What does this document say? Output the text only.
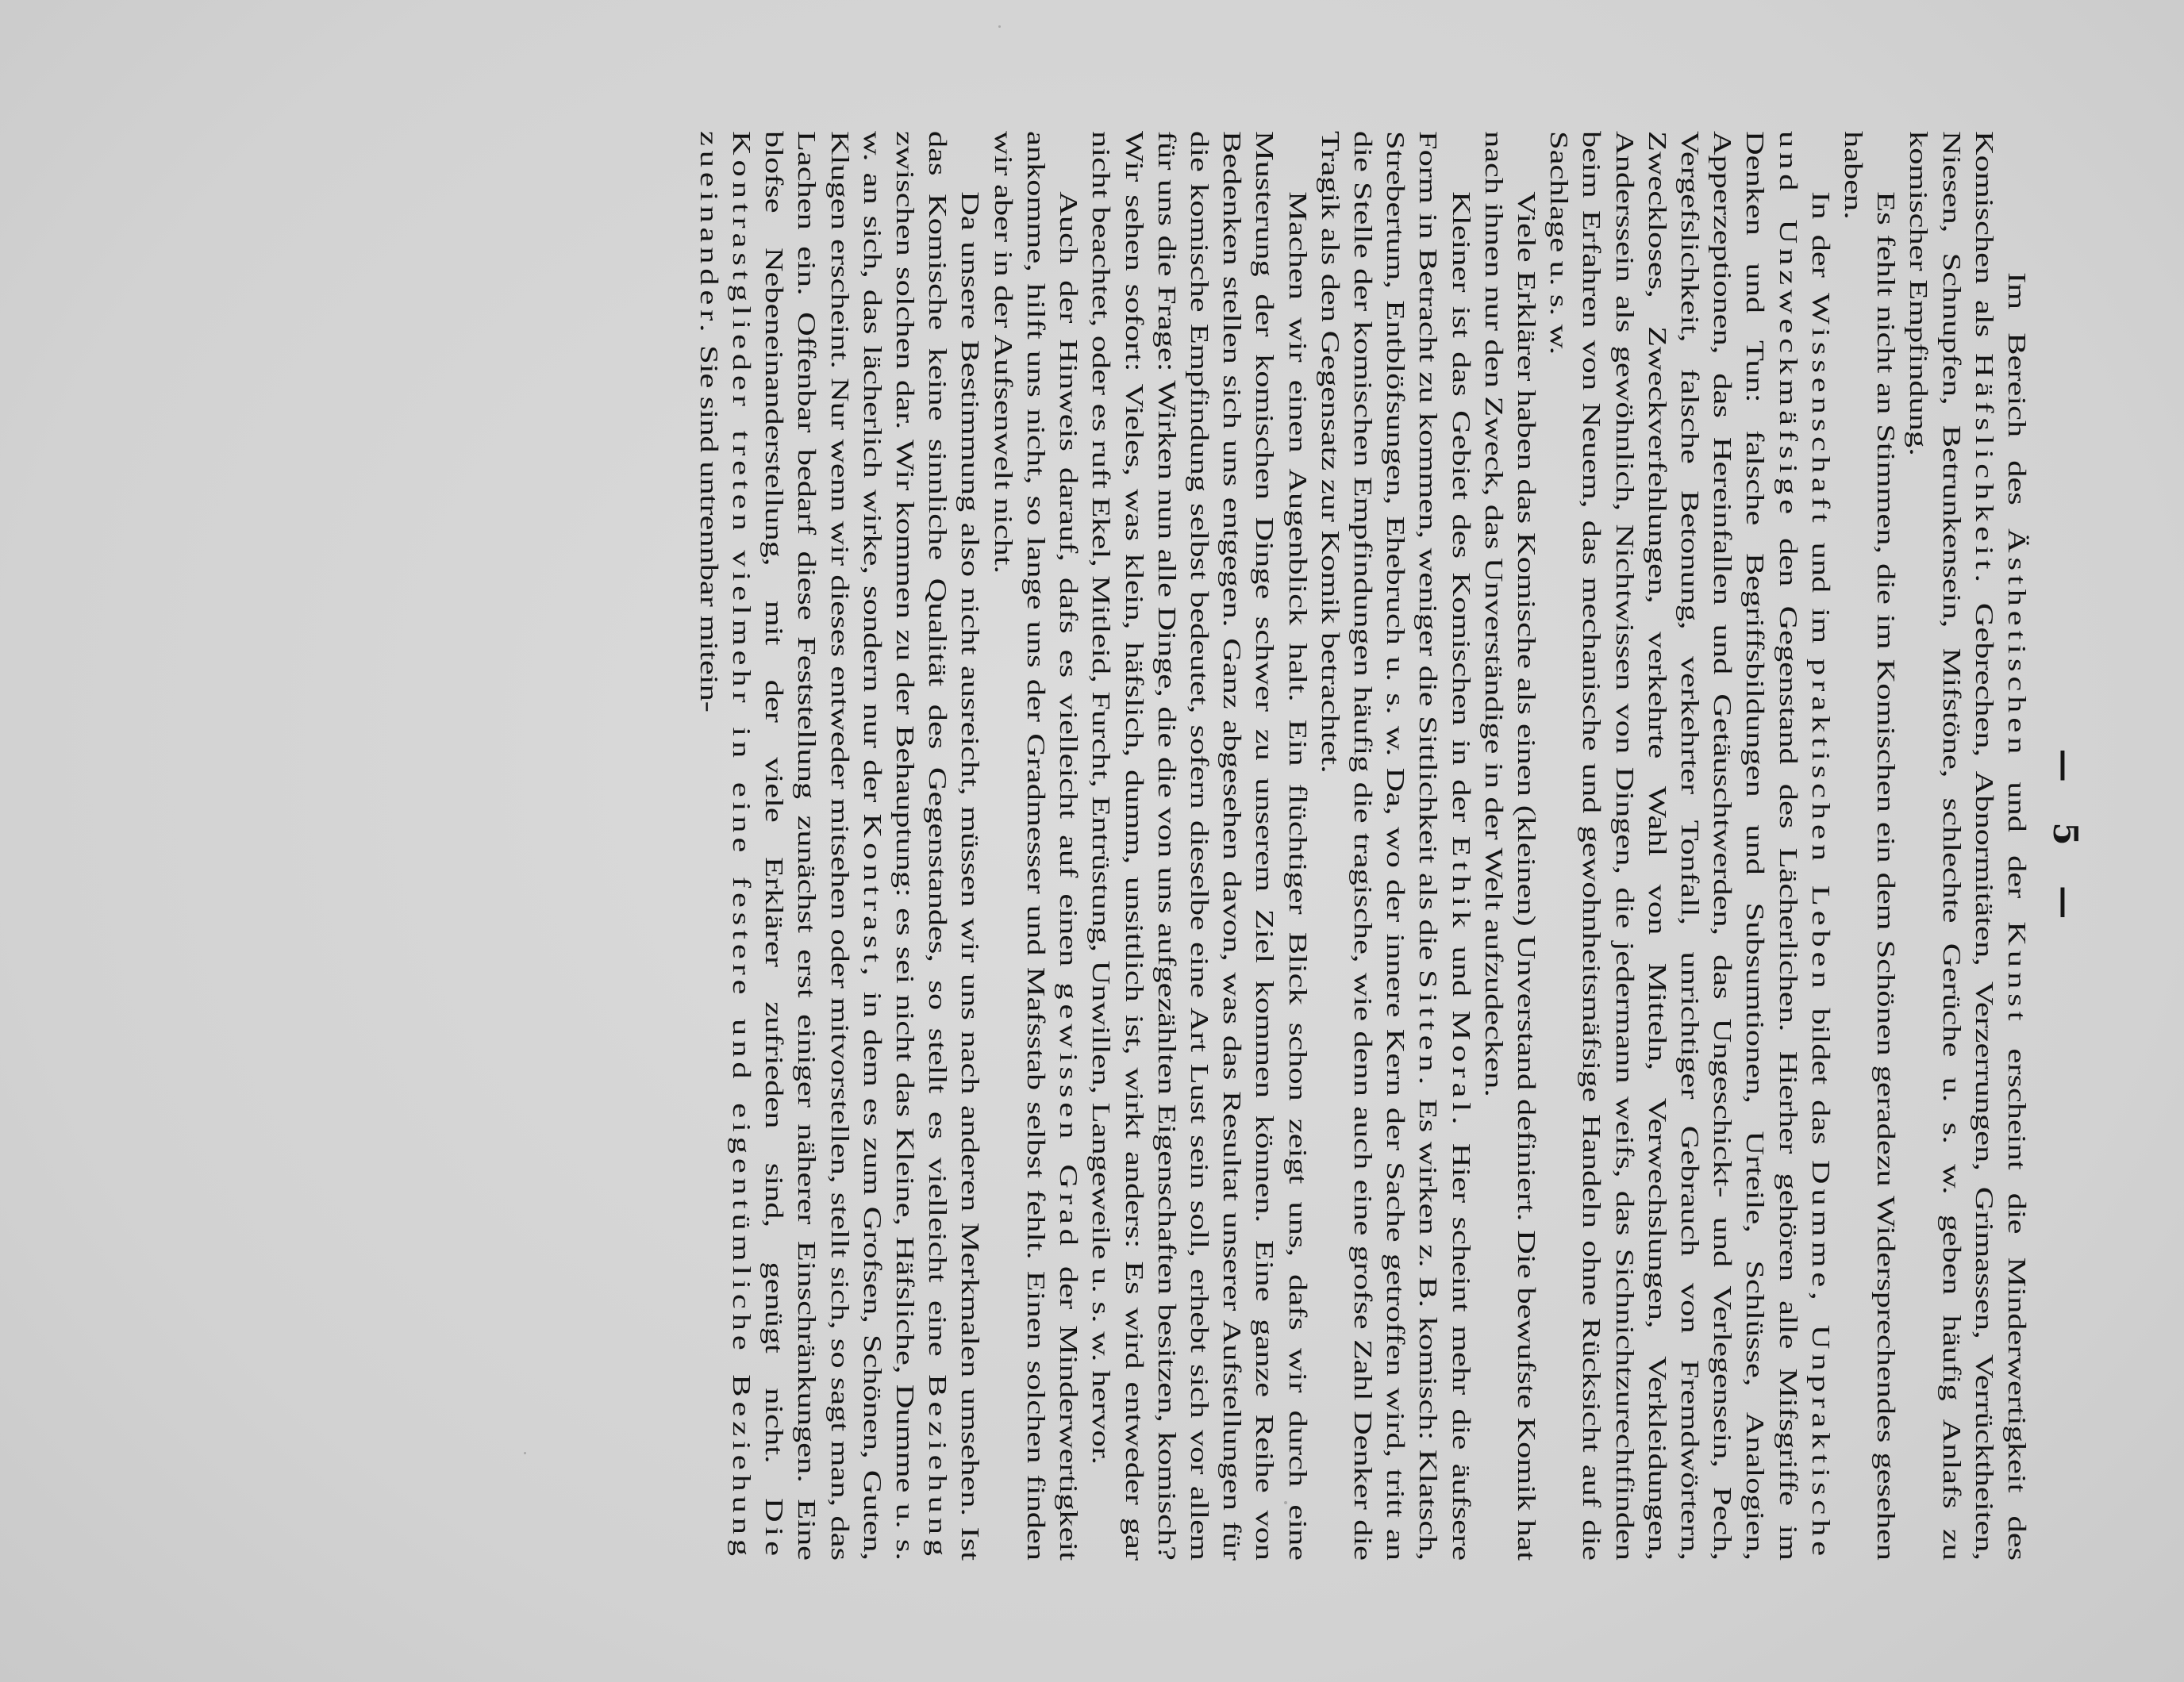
— 5 —

Im Bereich des Ästhetischen und der Kunst erscheint die Minderwertigkeit des Komischen als Häfslichkeit. Gebrechen, Abnormitäten, Verzerrungen, Grimassen, Verrücktheiten, Niesen, Schnupfen, Betrunkensein, Mifstöne, schlechte Gerüche u. s. w. geben häufig Anlafs zu komischer Empfindung.

Es fehlt nicht an Stimmen, die im Komischen ein dem Schönen geradezu Widersprechendes gesehen haben.

In der Wissenschaft und im praktischen Leben bildet das Dumme, Unpraktische und Unzweckmäfsige den Gegenstand des Lächerlichen. Hierher gehören alle Mifsgriffe im Denken und Tun: falsche Begriffsbildungen und Subsumtionen, Urteile, Schlüsse, Analogien, Apperzeptionen, das Hereinfallen und Getäuschtwerden, das Ungeschickt- und Verlegensein, Pech, Vergefslichkeit, falsche Betonung, verkehrter Tonfall, unrichtiger Gebrauch von Fremdwörtern, Zweckloses, Zweckverfehlungen, verkehrte Wahl von Mitteln, Verwechslungen, Verkleidungen, Anderssein als gewöhnlich, Nichtwissen von Dingen, die jedermann weifs, das Sichnichtzurechtfinden beim Erfahren von Neuem, das mechanische und gewohnheitsmäfsige Handeln ohne Rücksicht auf die Sachlage u. s. w.

Viele Erklärer haben das Komische als einen (kleinen) Unverstand definiert. Die bewufste Komik hat nach ihnen nur den Zweck, das Unverständige in der Welt aufzudecken.

Kleiner ist das Gebiet des Komischen in der Ethik und Moral. Hier scheint mehr die äufsere Form in Betracht zu kommen, weniger die Sittlichkeit als die Sitten. Es wirken z. B. komisch: Klatsch, Strebertum, Entblöfsungen, Ehebruch u. s. w. Da, wo der innere Kern der Sache getroffen wird, tritt an die Stelle der komischen Empfindungen häufig die tragische, wie denn auch eine grofse Zahl Denker die Tragik als den Gegensatz zur Komik betrachtet.

Machen wir einen Augenblick halt. Ein flüchtiger Blick schon zeigt uns, dafs wir durch eine Musterung der komischen Dinge schwer zu unserem Ziel kommen können. Eine ganze Reihe von Bedenken stellen sich uns entgegen. Ganz abgesehen davon, was das Resultat unserer Aufstellungen für die komische Empfindung selbst bedeutet, sofern dieselbe eine Art Lust sein soll, erhebt sich vor allem für uns die Frage: Wirken nun alle Dinge, die die von uns aufgezählten Eigenschaften besitzen, komisch? Wir sehen sofort: Vieles, was klein, häfslich, dumm, unsittlich ist, wirkt anders: Es wird entweder gar nicht beachtet, oder es ruft Ekel, Mitleid, Furcht, Entrüstung, Unwillen, Langeweile u. s. w. hervor.

Auch der Hinweis darauf, dafs es vielleicht auf einen gewissen Grad der Minderwertigkeit ankomme, hilft uns nicht, so lange uns der Gradmesser und Mafsstab selbst fehlt. Einen solchen finden wir aber in der Aufsenwelt nicht.

Da unsere Bestimmung also nicht ausreicht, müssen wir uns nach anderen Merkmalen umsehen. Ist das Komische keine sinnliche Qualität des Gegenstandes, so stellt es vielleicht eine Beziehung zwischen solchen dar. Wir kommen zu der Behauptung: es sei nicht das Kleine, Häfsliche, Dumme u. s. w. an sich, das lächerlich wirke, sondern nur der Kontrast, in dem es zum Grofsen, Schönen, Guten, Klugen erscheint. Nur wenn wir dieses entweder mitsehen oder mitvorstellen, stellt sich, so sagt man, das Lachen ein. Offenbar bedarf diese Feststellung zunächst erst einiger näherer Einschränkungen. Eine blofse Nebeneinanderstellung, mit der viele Erklärer zufrieden sind, genügt nicht. Die Kontrastglieder treten vielmehr in eine festere und eigentümliche Beziehung zueinander. Sie sind untrennbar mitein-
